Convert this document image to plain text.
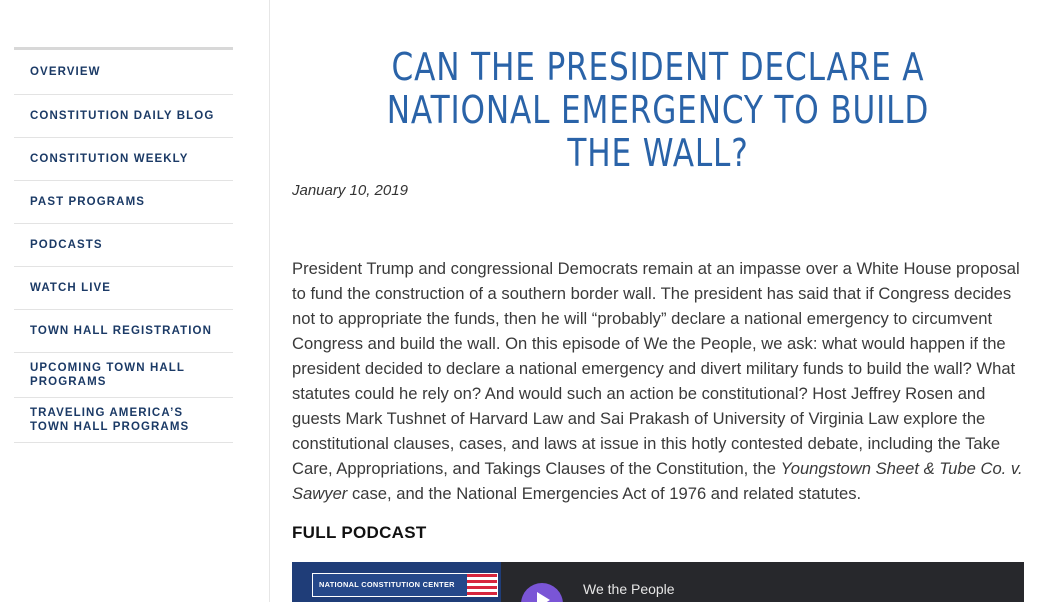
OVERVIEW
CONSTITUTION DAILY BLOG
CONSTITUTION WEEKLY
PAST PROGRAMS
PODCASTS
WATCH LIVE
TOWN HALL REGISTRATION
UPCOMING TOWN HALL PROGRAMS
TRAVELING AMERICA’S TOWN HALL PROGRAMS
CAN THE PRESIDENT DECLARE A NATIONAL EMERGENCY TO BUILD THE WALL?
January 10, 2019

President Trump and congressional Democrats remain at an impasse over a White House proposal to fund the construction of a southern border wall. The president has said that if Congress decides not to appropriate the funds, then he will “probably” declare a national emergency to circumvent Congress and build the wall. On this episode of We the People, we ask: what would happen if the president decided to declare a national emergency and divert military funds to build the wall? What statutes could he rely on? And would such an action be constitutional? Host Jeffrey Rosen and guests Mark Tushnet of Harvard Law and Sai Prakash of University of Virginia Law explore the constitutional clauses, cases, and laws at issue in this hotly contested debate, including the Take Care, Appropriations, and Takings Clauses of the Constitution, the Youngstown Sheet & Tube Co. v. Sawyer case, and the National Emergencies Act of 1976 and related statutes.

FULL PODCAST
NATIONAL CONSTITUTION CENTER	We the People
